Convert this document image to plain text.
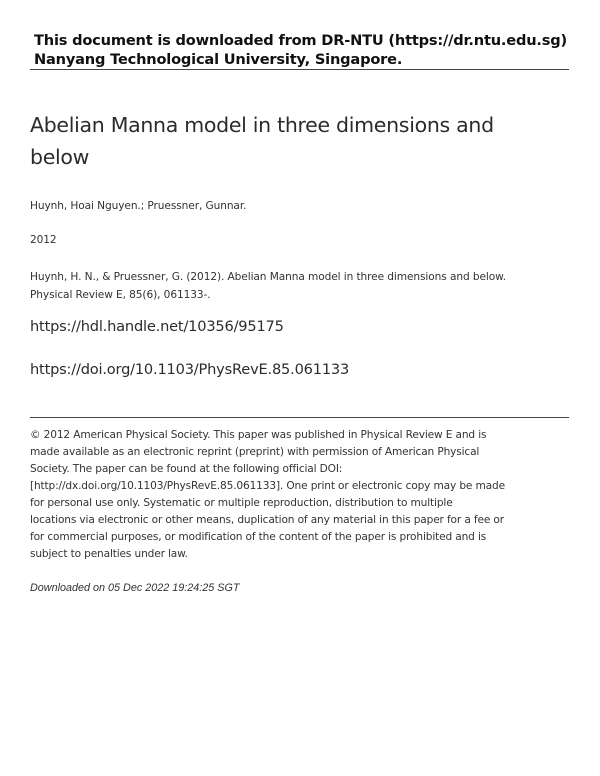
This document is downloaded from DR-NTU (https://dr.ntu.edu.sg)
Nanyang Technological University, Singapore.
Abelian Manna model in three dimensions and
below
Huynh, Hoai Nguyen.; Pruessner, Gunnar.
2012
Huynh, H. N., & Pruessner, G. (2012). Abelian Manna model in three dimensions and below.
Physical Review E, 85(6), 061133-.
https://hdl.handle.net/10356/95175
https://doi.org/10.1103/PhysRevE.85.061133
© 2012 American Physical Society. This paper was published in Physical Review E and is
made available as an electronic reprint (preprint) with permission of American Physical
Society. The paper can be found at the following official DOI:
[http://dx.doi.org/10.1103/PhysRevE.85.061133]. One print or electronic copy may be made
for personal use only. Systematic or multiple reproduction, distribution to multiple
locations via electronic or other means, duplication of any material in this paper for a fee or
for commercial purposes, or modification of the content of the paper is prohibited and is
subject to penalties under law.
Downloaded on 05 Dec 2022 19:24:25 SGT
